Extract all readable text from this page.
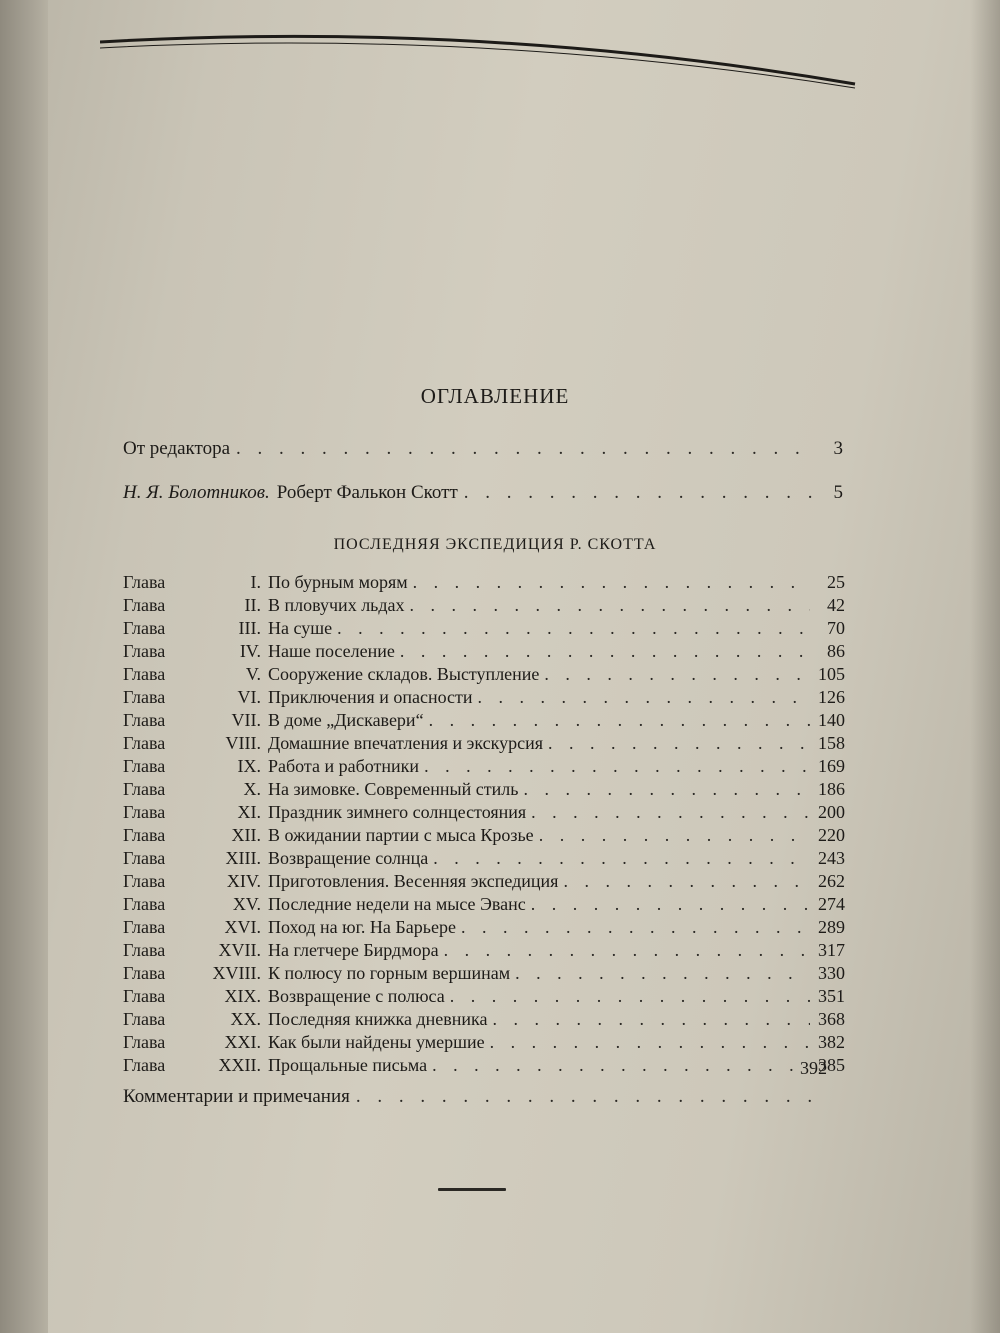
ОГЛАВЛЕНИЕ
От редактора . . .	3
Н. Я. Болотников. Роберт Фалькон Скотт . . .	5
ПОСЛЕДНЯЯ ЭКСПЕДИЦИЯ Р. СКОТТА
Глава	I. По бурным морям . . .	25
Глава	II. В пловучих льдах . . .	42
Глава	III. На суше . . .	70
Глава	IV. Наше поселение . . .	86
Глава	V. Сооружение складов. Выступление . . .	105
Глава	VI. Приключения и опасности . . .	126
Глава	VII. В доме „Дискавери“ . . .	140
Глава	VIII. Домашние впечатления и экскурсия . . .	158
Глава	IX. Работа и работники . . .	169
Глава	X. На зимовке. Современный стиль . . .	186
Глава	XI. Праздник зимнего солнцестояния . . .	200
Глава	XII. В ожидании партии с мыса Крозье . . .	220
Глава	XIII. Возвращение солнца . . .	243
Глава	XIV. Приготовления. Весенняя экспедиция . . .	262
Глава	XV. Последние недели на мысе Эванс . . .	274
Глава	XVI. Поход на юг. На Барьере . . .	289
Глава	XVII. На глетчере Бирдмора . . .	317
Глава	XVIII. К полюсу по горным вершинам . . .	330
Глава	XIX. Возвращение с полюса . . .	351
Глава	XX. Последняя книжка дневника . . .	368
Глава	XXI. Как были найдены умершие . . .	382
Глава	XXII. Прощальные письма . . .	385
392
Комментарии и примечания
. . .
